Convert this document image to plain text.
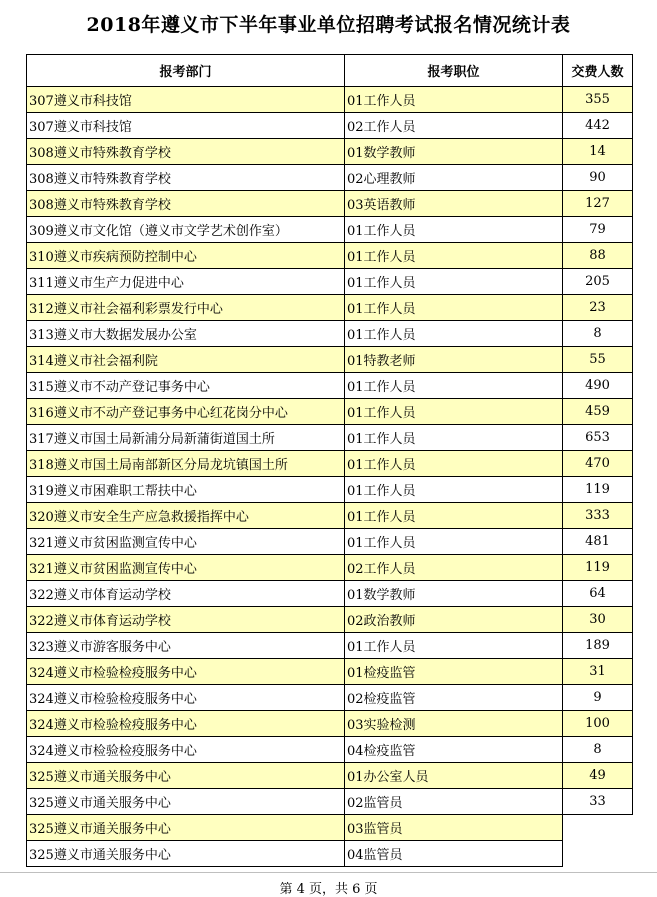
2018年遵义市下半年事业单位招聘考试报名情况统计表
报考部门	报考职位	交费人数
307遵义市科技馆	01工作人员	355
307遵义市科技馆	02工作人员	442
308遵义市特殊教育学校	01数学教师	14
308遵义市特殊教育学校	02心理教师	90
308遵义市特殊教育学校	03英语教师	127
309遵义市文化馆（遵义市文学艺术创作室）	01工作人员	79
310遵义市疾病预防控制中心	01工作人员	88
311遵义市生产力促进中心	01工作人员	205
312遵义市社会福利彩票发行中心	01工作人员	23
313遵义市大数据发展办公室	01工作人员	8
314遵义市社会福利院	01特教老师	55
315遵义市不动产登记事务中心	01工作人员	490
316遵义市不动产登记事务中心红花岗分中心	01工作人员	459
317遵义市国土局新浦分局新蒲街道国土所	01工作人员	653
318遵义市国土局南部新区分局龙坑镇国土所	01工作人员	470
319遵义市困难职工帮扶中心	01工作人员	119
320遵义市安全生产应急救援指挥中心	01工作人员	333
321遵义市贫困监测宣传中心	01工作人员	481
321遵义市贫困监测宣传中心	02工作人员	119
322遵义市体育运动学校	01数学教师	64
322遵义市体育运动学校	02政治教师	30
323遵义市游客服务中心	01工作人员	189
324遵义市检验检疫服务中心	01检疫监管	31
324遵义市检验检疫服务中心	02检疫监管	9
324遵义市检验检疫服务中心	03实验检测	100
324遵义市检验检疫服务中心	04检疫监管	8
325遵义市通关服务中心	01办公室人员	49
325遵义市通关服务中心	02监管员	33
325遵义市通关服务中心	03监管员	
325遵义市通关服务中心	04监管员	
第 4 页，共 6 页
